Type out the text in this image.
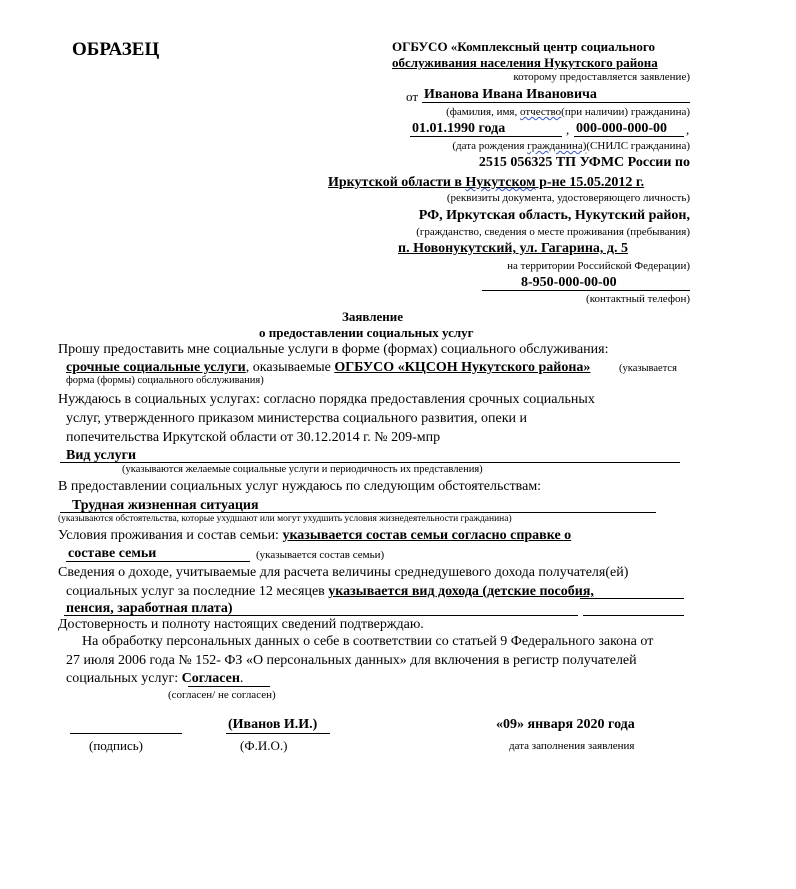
ОБРАЗЕЦ	ОГБУСО «Комплексный центр социального
обслуживания населения Нукутского района
которому предоставляется заявление)
от Иванова Ивана Ивановича
(фамилия, имя, отчество(при наличии) гражданина)
01.01.1990 года	, 000-000-000-00 ,
(дата рождения гражданина)(СНИЛС гражданина)
2515 056325 ТП УФМС России по
Иркутской области в Нукутском р-не 15.05.2012 г.
(реквизиты документа, удостоверяющего личность)
РФ, Иркутская область, Нукутский район,
(гражданство, сведения о месте проживания (пребывания)
п. Новонукутский, ул. Гагарина, д. 5
на территории Российской Федерации)
8-950-000-00-00
(контактный телефон)
Заявление
о предоставлении социальных услуг
Прошу предоставить мне социальные услуги в форме (формах) социального обслуживания:
срочные социальные услуги, оказываемые ОГБУСО «КЦСОН Нукутского района»	(указывается
форма (формы) социального обслуживания)
Нуждаюсь в социальных услугах: согласно порядка предоставления срочных социальных
услуг, утвержденного приказом министерства социального развития, опеки и
попечительства Иркутской области от 30.12.2014 г. № 209-мпр
Вид услуги
(указываются желаемые социальные услуги и периодичность их представления)
В предоставлении социальных услуг нуждаюсь по следующим обстоятельствам:
Трудная жизненная ситуация
(указываются обстоятельства, которые ухудшают или могут ухудшить условия жизнедеятельности гражданина)
Условия проживания и состав семьи: указывается состав семьи согласно справке о
составе семьи	(указывается состав семьи)
Сведения о доходе, учитываемые для расчета величины среднедушевого дохода получателя(ей)
социальных услуг за последние 12 месяцев указывается вид дохода (детские пособия,
пенсия, заработная плата)
Достоверность и полноту настоящих сведений подтверждаю.
На обработку персональных данных о себе в соответствии со статьей 9 Федерального закона от
27 июля 2006 года № 152- ФЗ «О персональных данных» для включения в регистр получателей
социальных услуг: Согласен.
(согласен/ не согласен)
(Иванов И.И.)	«09» января 2020 года
(подпись)	(Ф.И.О.)	дата заполнения заявления
